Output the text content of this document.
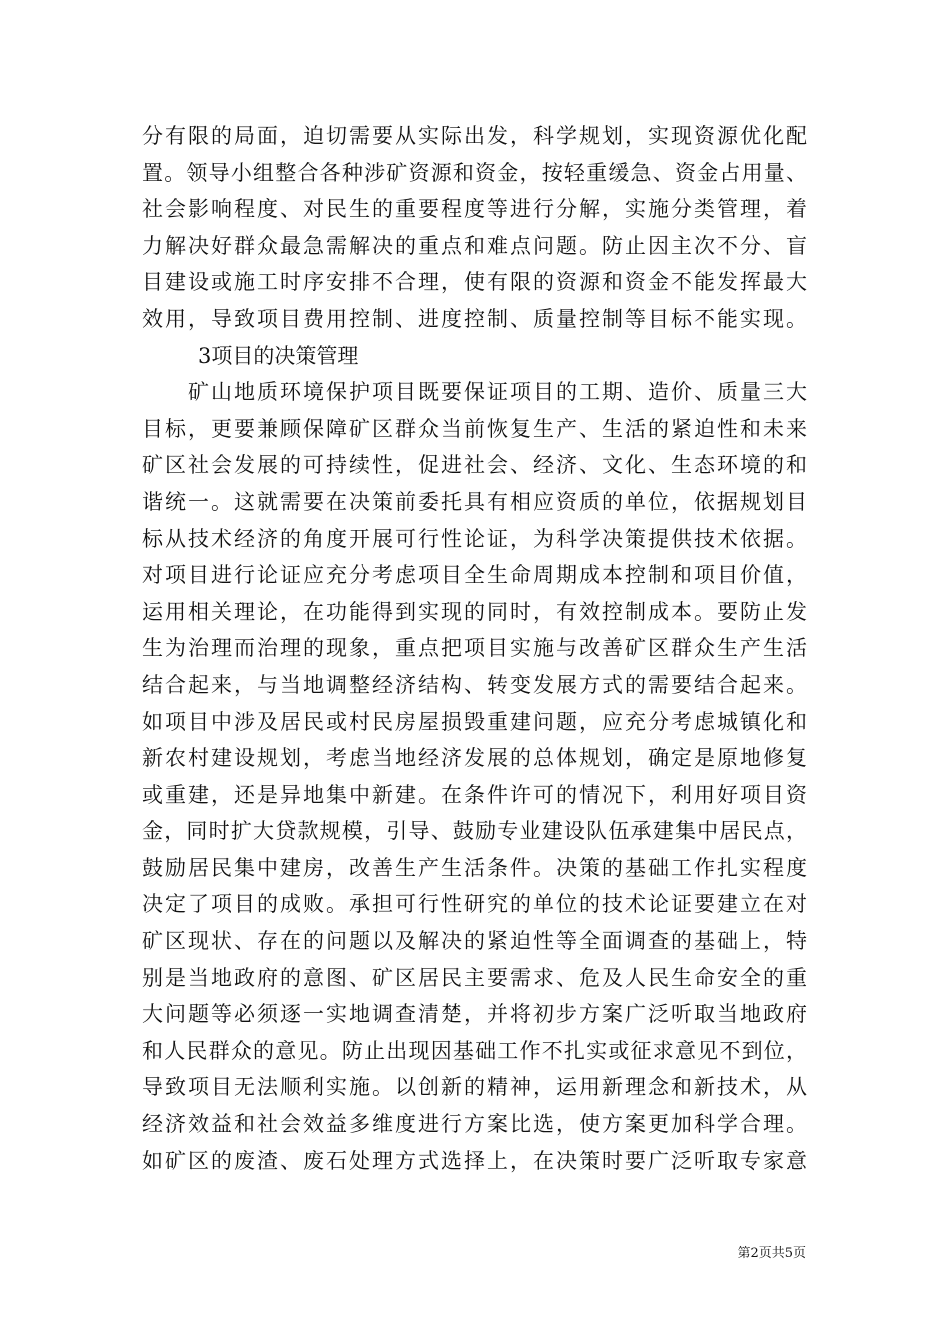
分有限的局面，迫切需要从实际出发，科学规划，实现资源优化配
置。领导小组整合各种涉矿资源和资金，按轻重缓急、资金占用量、
社会影响程度、对民生的重要程度等进行分解，实施分类管理，着
力解决好群众最急需解决的重点和难点问题。防止因主次不分、盲
目建设或施工时序安排不合理，使有限的资源和资金不能发挥最大
效用，导致项目费用控制、进度控制、质量控制等目标不能实现。
3项目的决策管理
　　矿山地质环境保护项目既要保证项目的工期、造价、质量三大
目标，更要兼顾保障矿区群众当前恢复生产、生活的紧迫性和未来
矿区社会发展的可持续性，促进社会、经济、文化、生态环境的和
谐统一。这就需要在决策前委托具有相应资质的单位，依据规划目
标从技术经济的角度开展可行性论证，为科学决策提供技术依据。
对项目进行论证应充分考虑项目全生命周期成本控制和项目价值，
运用相关理论，在功能得到实现的同时，有效控制成本。要防止发
生为治理而治理的现象，重点把项目实施与改善矿区群众生产生活
结合起来，与当地调整经济结构、转变发展方式的需要结合起来。
如项目中涉及居民或村民房屋损毁重建问题，应充分考虑城镇化和
新农村建设规划，考虑当地经济发展的总体规划，确定是原地修复
或重建，还是异地集中新建。在条件许可的情况下，利用好项目资
金，同时扩大贷款规模，引导、鼓励专业建设队伍承建集中居民点，
鼓励居民集中建房，改善生产生活条件。决策的基础工作扎实程度
决定了项目的成败。承担可行性研究的单位的技术论证要建立在对
矿区现状、存在的问题以及解决的紧迫性等全面调查的基础上，特
别是当地政府的意图、矿区居民主要需求、危及人民生命安全的重
大问题等必须逐一实地调查清楚，并将初步方案广泛听取当地政府
和人民群众的意见。防止出现因基础工作不扎实或征求意见不到位，
导致项目无法顺利实施。以创新的精神，运用新理念和新技术，从
经济效益和社会效益多维度进行方案比选，使方案更加科学合理。
如矿区的废渣、废石处理方式选择上，在决策时要广泛听取专家意
第2页共5页
